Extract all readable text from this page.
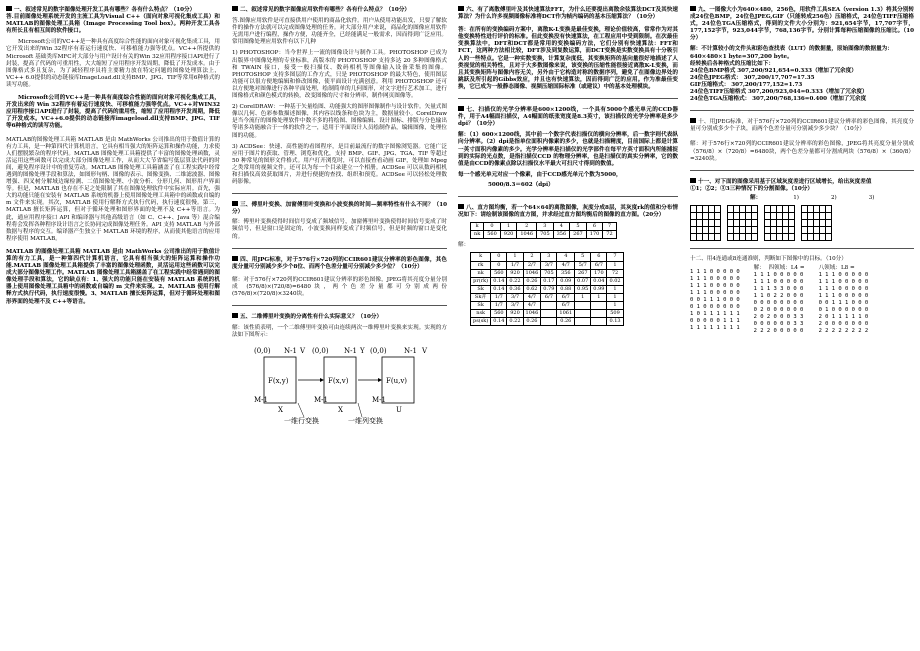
一、叙述常见的数字图像处理开发工具有哪些？各有什么特点？（10分）

答.目前图像处理系统开发的主流工具为Visual C++（面向对象可视化集成工具）和 MATLAB的图像处理工具箱（Image Processing Tool box）。两种开发工具各有所长且有相互间的软件接口。

Microsoft公司的VC++是一种具有高度综合性能的面向对象可视化集成工具，用它开发出来的Win 32程序有着运行速度快、可移植能力强等优点。VC++所提供的Microsoft 基础类库MFC对大部分与用户设计有关的Win 32应用程序接口API进行了封装，提高了代码的可重用性，大大缩短了应用程序开发周期，降低了开发成本。由于图像格式多且复杂，为了减轻程序员将主要精力放在特定问题的图像处理算法上，VC++ 6.0提供的动态链接库ImageLoad.dll支持BMP、JPG、TIF等常用6种格式的读写功能。

Microsoft公司的VC++是一种具有高度综合性能的面向对象可视化集成工具，开发出来的 Win 32程序有着运行速度快、可移植能力强等优点。VC++对WIN32应用程序接口API进行了封装，提高了代码的重用性，缩短了应用程序开发周期，降低了开发成本。VC++6.0提供的动态链接库imageload.dll支持BMP、JPG、TIF等6种格式的读写功能。

MATLAB的图像处理工具箱 MATLAB 是由 MathWorks 公司推出的用于数值计算的有力工具，是一种第四代计算机语言，它具有相当强大的矩阵运算和操作功能，力求使人们摆脱繁杂的程序代码。MATLAB 图像处理工具箱提供了丰富的图像处理函数，灵活运用这些函数可以完成大部分图像处理工作，从而大大节省编写低层算法代码的时间，避免程序设计中的重复劳动。MATLAB 图像处理工具箱涵盖了在工程实践中经常遇到的图像处理手段和算法，如图形句柄、图像的表示、图像变换、二维滤波器、图像增强、四叉树分解域边缘检测、二值图像处理、小波分析、分形几何、图形用户界面等。但是，MATLAB 也存在不足之处限制了其在图像处理软件中实际应用。首先，强大的功能只能在安装有 MATLAB 系统的机器上使用图像处理工具箱中的函数或自编的 m 文件来实现。其次，MATLAB 使用行解释方式执行代码，执行速度很慢。第三，MATLAB 擅长矩阵运算，但对于循环处理和图形界面的处理不及 C++等语言。为此，通应用程序接口 API 和编译器与其他高级语言（如 C、C++、Java 等）混合编程将会发挥各种程序设计语言之长协同完成图像处理任务。API 支持 MATLAB 与外部数据与程序的交互。编译器产生独立于 MATLAB 环境的程序，从而使其他语言的应用程序使用 MATLAB。

MATLAB 的图像处理工具箱 MATLAB 是由 MathWorks 公司推出的用于数值计算的有力工具，是一种第四代计算机语言，它具有相当强大的矩阵运算和操作功能.MATLAB 图像处理工具箱提供了丰富的图像处理函数，灵活运用这些函数可以完成大部分图像处理工作。MATLAB 图像处理工具箱涵盖了在工程实践中经常遇到的图像处理手段和算法，它的缺点有：1、强大的功能只能在安装有 MATLAB 系统的机器上使用图像处理工具箱中的函数或自编的 m 文件来实现。2、MATLAB 使用行解释方式执行代码，执行速度很慢。3、MATLAB 擅长矩阵运算，但对于循环处理和图形界面的处理不及 C++等语言。

二、叙述常见的数字图像应用软件有哪些？各有什么特点？（10分）

答.图像应用软件是可直接供用户使用的商品化软件。用户从使用功能出发，只要了解软件的操作方法就可以完成图像处理的任务。对大部分用户来说，商品化的图像应用软件无需用户进行编程，操作方便，功能齐全，已经能满足一般需求，因而得到广泛应用。常用图像处理应用软件有以下几种

1) PHOTOSHOP：当今世界上一流的图像设计与制作工具。PHOTOSHOP 已成为出版界中图像处理的专业标准，高版本的 PHOTOSHOP 支持多达 20 多种图像格式和 TWAIN 接口，接受一般扫描仪、数码相机等图像输入设备采集的图像。PHOTOSHOP 支持多图层的工作方式，只是 PHOTOSHOP 的最大特色，使用图层功能可以很方便地编辑和修改图像，使平面设计充满创意。利用 PHOTOSHOP 还可以方便地对图像进行各种平面处理，绘制简单的几何图形，对文字进行艺术加工，进行图像格式和颜色模式的转换，改变图像的尺寸和分辨率，制作网页图像等。

2) CorelDRAW：一种基于矢量绘图、功能强大的图形图像制作与设计软件。矢量式图像以几何、色彩参数描述图像，其内容以线条和色块为主，数据量较小。CorelDraw 是当今流行的图像处理软件中数不多的将绘图、图像编辑、设计图标、排版与分色输出等诸多功能融合于一体的软件之一，适用于平面设计人员绘制作品，编辑图像，处理位图的功能。

3) ACDSee：快速、高性能的看图程序，是目前最流行的数字图像浏览器。它能广泛应用于图片的获取、管理、浏览和优化，支持 BMP、GIF、JPG、TGA、TIF 等超过 50 种常见的图形文件格式。用户打开浏览时，可以直接查看动画 GIF，处理如 Mpeg 之类常用的视频文件。还可以为每一个目录建立一个相册。ACDSee 可以从数码相机和扫描仪高效获取图片，并进行便捷的查找、组织和预览。ACDSee 可以轻松处理数码影像。

三、傅里叶变换、加窗傅里叶变换和小波变换的时间—频率特性有什么不同？（10 分）

解：傅里叶变换使得时间信号变成了频域信号，加窗傅里叶变换使得时间信号变成了时频信号，但是窗口是固定的，小波变换同样变成了时频信号，但是时频的窗口是变化的。

四、用JPG标准，对于576行×720列的CCIR601建议分辨率的彩色图像，其色度分量可分别减少多少个8位、而两个色差分量可分别减少多少位？（10分）

解：对于576行×720列的CCIR601建议分辨率的彩色图像，JPEG将其亮度分量分别成 (576/8)×(720/8)=6480块，两个色差分量都可分别成两份 (576/8)×(720/8)×3240块。

五、二维傅里叶变换的分离性有什么实际意义？（10分）

解：该性质表明，一个二维傅里叶变换可由连续两次一维傅里叶变换来实现。实现的方法如下图所示：

(0,0) N-1 V (0,0) N-1 Y (0,0) N-1 V
F(x,y)	F(x,v)	F(u,v)
M-1	M-1	M-1
X	X	U
一维行变换	一维列变换

六、有了离散傅里叶及其快速算法FFT，为什么还要提出离散余弦算法DCT及其快速算法？为什么许多视频图像标准将DCT作为帧内编码的基本压缩算法？（10分）

答：在所有的变换编码方案中，离散K-L变换是最佳变换，理论价值较高，常常作为对其他变换特性进行评价的标准。但此变换没有快速算法，在工程应用中受到限制。在次最佳变换算法中，DFT和DCT都是常用的变换编码方法，它们分别有快速算法：FFT和FCT，这两种方法相比较，DFT涉及到复数运算，而DCT变换是实数变换具有十分吸引人的一些特点。它是一种实数变换，计算复杂度低，其变换矩阵的基向量很好地描述了人类视觉的相关特性，且对于大多数图像来说，该变换的压缩性能很接近离散K-L变换，而且其变换矩阵与图像内容无关，另外由于它构造对称的数据序列，避免了在图像边界处的跳跃及所引起的Gibbs效应，并且也有快速算法，因而得到广泛的应用。作为准最佳变换，它已成为一般静态图像、视频压缩国际标准（或建议）中的基本处理模块。

七、扫描仪的光学分辨率是600×1200线，一个具有5000个感光单元的CCD器件，用于A4幅面扫描仪，A4幅面的纸张宽度是8.3英寸，该扫描仪的光学分辨率是多少dpi？（10分）

解：（1）600×1200线，其中前一个数字代表扫描仪的横向分辨率，后一数字则代表纵向分辨率。（2）dpi是指单位面积内像素的多少，也就是扫描精度，目前国际上都是计算一英寸面积内像素的多少。光学分辨率是扫描仪的光学部件在每平方英寸面积内所能捕捉到的实际的光点数，是指扫描仪CCD 的物理分辨率，也是扫描仪的真实分辨率，它的数值是由CCD的像素点除以扫描仪水平最大可扫尺寸得到的数值。

每一个感光单元对应一个像素，由于CCD感光单元个数为5000，

5000/8.3＝602（dpi）

八、直方图均衡，若一个64×64的离散图像，灰度分成8层，其灰度rk的值和分布情况如下：请绘制该图像的直方图，并求经过直方图均衡后的图像的直方图。（20分）

k	0	1	2	3	4	5	6	7
nk	560	920	1046	705	356	267	170	72

解：

k	0	1	2	3	4	5	6	7
rk	0	1/7	2/7	3/7	4/7	5/7	6/7	1
nk	560	920	1046	705	356	267	170	72
pr(rk)	0.14	0.22	0.26	0.17	0.09	0.07	0.04	0.02
Sk	0.14	0.36	0.62	0.79	0.88	0.95	0.99	1
Sk并	1/7	3/7	4/7	6/7	6/7	1	1	1
Sk	1/7	3/7	4/7		6/7			1
nsk	560	920	1046		1061			509
ps(sk)	0.14	0.22	0.26		0.26			0.13

九、一图像大小为640×480，256色，用软件工具SEA（version 1.3）将其分别转成24位色BMP，24位色JPEG,GIF（只能转成256色）压缩格式，24位色TIFF压缩格式，24位色TGA压缩格式，得到的文件大小分别为：921,654字节，17,707字节，177,152字节，923,044字节，768,136字节。分别计算每种压缩图像的压缩比。（10分）

解：不计算较小的文件头和彩色查找表（LUT）的数据量，原始图像的数据量为：

640×480×1 byte=307,200 byte。

经转换后各种格式的压缩比如下：

24位色BMP格式 307,200/921,654=0.333（增加了冗余度）

24位色JPEG格式： 307,200/17,707=17.35

GIF压缩格式： 307,200/177,152=1.73

24位色TIFF压缩格式 307,200/923,044=0.333（增加了冗余度）

24位色TGA压缩格式： 307,200/768,136=0.400（增加了冗余度

十、用JPEG标准，对于576行×720列的CCIR601建议分辨率的彩色图像，其亮度分量可分别成多少个子块，而两个色差分量可分别减少多少块？（10分）

解：对于576行×720列的CCIR601建议分辨率的彩色图像，JPEG将其亮度分量分别成（576/8）×（720/8）=6480块，两个色差分量都可分割成两块（576/8）×（360/8）=3240块。

十一、对下面的图像采用基于区域灰度差进行区域增长，给出灰度差值

①1；②2；③3三种情况下的分割图像。（10分）

解：	1)	2)	3)

十二、用4连通或8连通准则，判断如下图像中的目标。（10分）

1 1 1 0 0 0 0 0
1 1 1 0 0 0 0 0
1 1 1 0 0 0 0 0
1 1 1 0 0 0 0 0
0 0 1 1 1 0 0 0
0 1 0 0 0 0 0 0
1 0 1 1 1 1 1 1
0 0 0 0 0 1 1 1
1 1 1 1 1 1 1 1
解： 四领域：L4 =
1 1 1 0 0 0 0 0
1 1 1 0 0 0 0 0
1 1 1 3 3 0 0 0
1 1 0 2 2 0 0 0
0 0 0 0 0 0 0 0
0 2 0 0 0 0 0 0
2 0 2 0 0 0 3 3
0 0 0 0 0 0 3 3
2 2 2 0 0 0 0 0
八领域：L8 =
1 1 1 0 0 0 0 0
1 1 1 0 0 0 0 0
1 1 1 0 0 0 0 0
1 1 1 0 0 0 0 0
0 0 1 1 1 0 0 0
0 1 0 0 0 0 0 0
2 0 1 1 1 1 1 0
2 0 0 0 0 0 0 0
2 2 2 2 2 2 2 2
